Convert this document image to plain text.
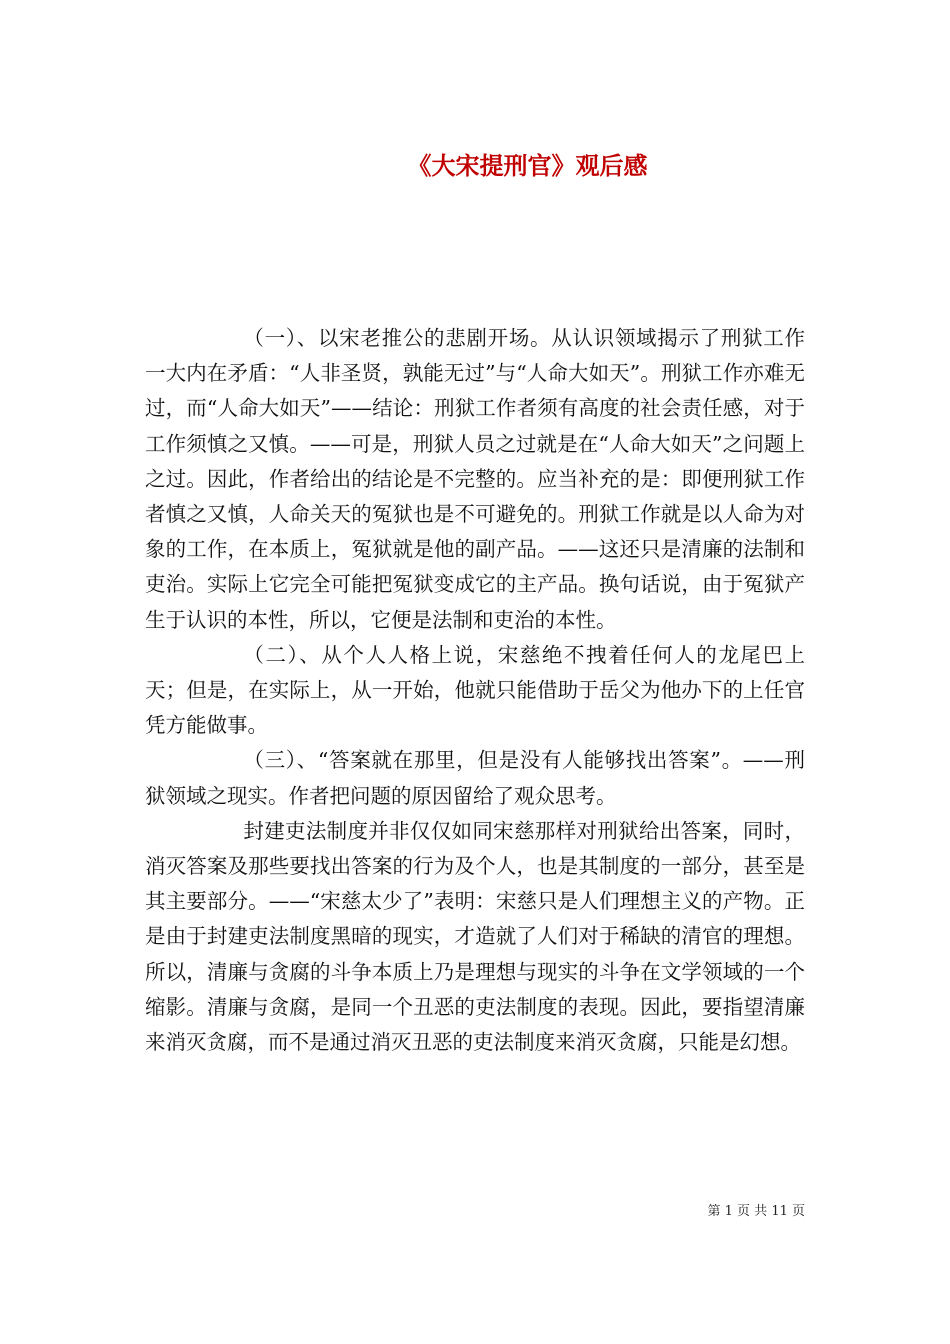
《大宋提刑官》观后感

（一）、以宋老推公的悲剧开场。从认识领域揭示了刑狱工作一大内在矛盾：“人非圣贤，孰能无过”与“人命大如天”。刑狱工作亦难无过，而“人命大如天”——结论：刑狱工作者须有高度的社会责任感，对于工作须慎之又慎。——可是，刑狱人员之过就是在“人命大如天”之问题上之过。因此，作者给出的结论是不完整的。应当补充的是：即便刑狱工作者慎之又慎，人命关天的冤狱也是不可避免的。刑狱工作就是以人命为对象的工作，在本质上，冤狱就是他的副产品。——这还只是清廉的法制和吏治。实际上它完全可能把冤狱变成它的主产品。换句话说，由于冤狱产生于认识的本性，所以，它便是法制和吏治的本性。

（二）、从个人人格上说，宋慈绝不拽着任何人的龙尾巴上天；但是，在实际上，从一开始，他就只能借助于岳父为他办下的上任官凭方能做事。

（三）、“答案就在那里，但是没有人能够找出答案”。——刑狱领域之现实。作者把问题的原因留给了观众思考。

封建吏法制度并非仅仅如同宋慈那样对刑狱给出答案，同时，消灭答案及那些要找出答案的行为及个人，也是其制度的一部分，甚至是其主要部分。——“宋慈太少了”表明：宋慈只是人们理想主义的产物。正是由于封建吏法制度黑暗的现实，才造就了人们对于稀缺的清官的理想。所以，清廉与贪腐的斗争本质上乃是理想与现实的斗争在文学领域的一个缩影。清廉与贪腐，是同一个丑恶的吏法制度的表现。因此，要指望清廉来消灭贪腐，而不是通过消灭丑恶的吏法制度来消灭贪腐，只能是幻想。

第 1 页 共 11 页
